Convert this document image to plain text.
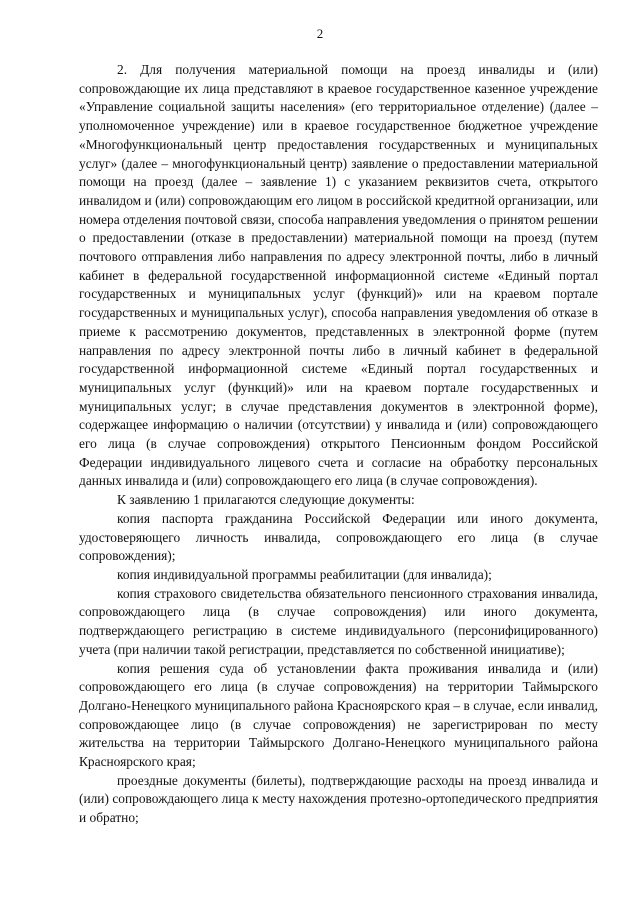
2

2. Для получения материальной помощи на проезд инвалиды и (или) сопровождающие их лица представляют в краевое государственное казенное учреждение «Управление социальной защиты населения» (его территориальное отделение) (далее – уполномоченное учреждение) или в краевое государственное бюджетное учреждение «Многофункциональный центр предоставления государственных и муниципальных услуг» (далее – многофункциональный центр) заявление о предоставлении материальной помощи на проезд (далее – заявление 1) с указанием реквизитов счета, открытого инвалидом и (или) сопровождающим его лицом в российской кредитной организации, или номера отделения почтовой связи, способа направления уведомления о принятом решении о предоставлении (отказе в предоставлении) материальной помощи на проезд (путем почтового отправления либо направления по адресу электронной почты, либо в личный кабинет в федеральной государственной информационной системе «Единый портал государственных и муниципальных услуг (функций)» или на краевом портале государственных и муниципальных услуг), способа направления уведомления об отказе в приеме к рассмотрению документов, представленных в электронной форме (путем направления по адресу электронной почты либо в личный кабинет в федеральной государственной информационной системе «Единый портал государственных и муниципальных услуг (функций)» или на краевом портале государственных и муниципальных услуг; в случае представления документов в электронной форме), содержащее информацию о наличии (отсутствии) у инвалида и (или) сопровождающего его лица (в случае сопровождения) открытого Пенсионным фондом Российской Федерации индивидуального лицевого счета и согласие на обработку персональных данных инвалида и (или) сопровождающего его лица (в случае сопровождения).

К заявлению 1 прилагаются следующие документы:

копия паспорта гражданина Российской Федерации или иного документа, удостоверяющего личность инвалида, сопровождающего его лица (в случае сопровождения);

копия индивидуальной программы реабилитации (для инвалида);

копия страхового свидетельства обязательного пенсионного страхования инвалида, сопровождающего лица (в случае сопровождения) или иного документа, подтверждающего регистрацию в системе индивидуального (персонифицированного) учета (при наличии такой регистрации, представляется по собственной инициативе);

копия решения суда об установлении факта проживания инвалида и (или) сопровождающего его лица (в случае сопровождения) на территории Таймырского Долгано-Ненецкого муниципального района Красноярского края – в случае, если инвалид, сопровождающее лицо (в случае сопровождения) не зарегистрирован по месту жительства на территории Таймырского Долгано-Ненецкого муниципального района Красноярского края;

проездные документы (билеты), подтверждающие расходы на проезд инвалида и (или) сопровождающего лица к месту нахождения протезно-ортопедического предприятия и обратно;
